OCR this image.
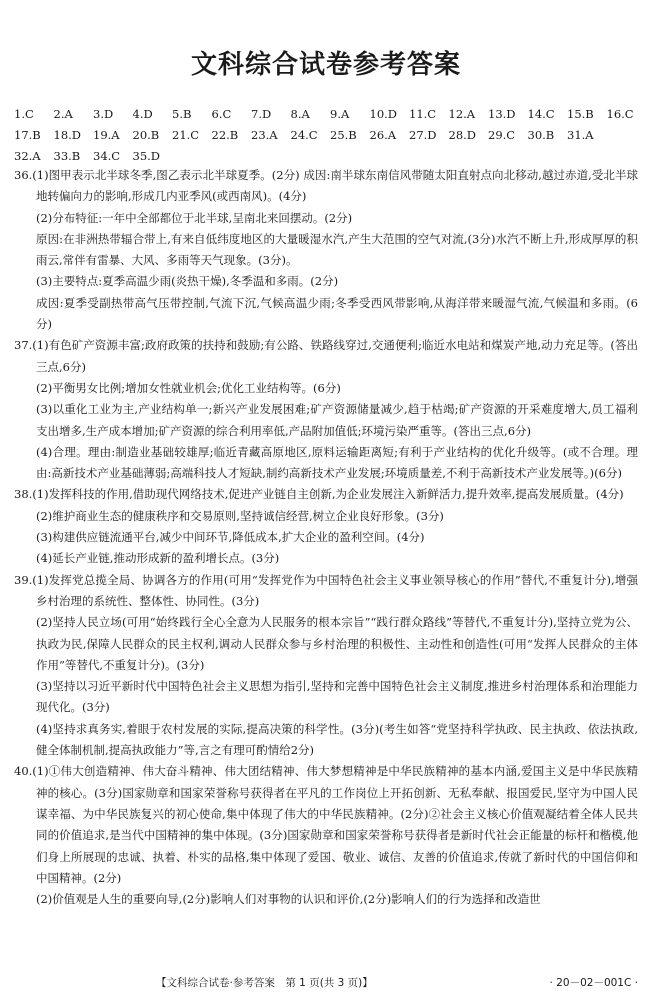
文科综合试卷参考答案
1.C 2.A 3.D 4.D 5.B 6.C 7.D 8.A 9.A 10.D 11.C 12.A 13.D 14.C 15.B 16.C
17.B 18.D 19.A 20.B 21.C 22.B 23.A 24.C 25.B 26.A 27.D 28.D 29.C 30.B 31.A
32.A 33.B 34.C 35.D

36.(1)图甲表示北半球冬季,图乙表示北半球夏季。(2分) 成因:南半球东南信风带随太阳直射点向北移动,越过赤道,受北半球地转偏向力的影响,形成几内亚季风(或西南风)。(4分)

(2)分布特征:一年中全部都位于北半球,呈南北来回摆动。(2分)

原因:在非洲热带辐合带上,有来自低纬度地区的大量暖湿水汽,产生大范围的空气对流,(3分)水汽不断上升,形成厚厚的积雨云,常伴有雷暴、大风、多雨等天气现象。(3分)。

(3)主要特点:夏季高温少雨(炎热干燥),冬季温和多雨。(2分)

成因:夏季受副热带高气压带控制,气流下沉,气候高温少雨;冬季受西风带影响,从海洋带来暖湿气流,气候温和多雨。(6分)

37.(1)有色矿产资源丰富;政府政策的扶持和鼓励;有公路、铁路线穿过,交通便利;临近水电站和煤炭产地,动力充足等。(答出三点,6分)

(2)平衡男女比例;增加女性就业机会;优化工业结构等。(6分)

(3)以重化工业为主,产业结构单一;新兴产业发展困难;矿产资源储量减少,趋于枯竭;矿产资源的开采难度增大,员工福利支出增多,生产成本增加;矿产资源的综合利用率低,产品附加值低;环境污染严重等。(答出三点,6分)

(4)合理。理由:制造业基础较雄厚;临近青藏高原地区,原料运输距离短;有利于产业结构的优化升级等。(或不合理。理由:高新技术产业基础薄弱;高端科技人才短缺,制约高新技术产业发展;环境质量差,不利于高新技术产业发展等。)(6分)

38.(1)发挥科技的作用,借助现代网络技术,促进产业链自主创新,为企业发展注入新鲜活力,提升效率,提高发展质量。(4分)

(2)维护商业生态的健康秩序和交易原则,坚持诚信经营,树立企业良好形象。(3分)

(3)构建供应链流通平台,减少中间环节,降低成本,扩大企业的盈利空间。(4分)

(4)延长产业链,推动形成新的盈利增长点。(3分)

39.(1)发挥党总揽全局、协调各方的作用(可用“发挥党作为中国特色社会主义事业领导核心的作用”替代,不重复计分),增强乡村治理的系统性、整体性、协同性。(3分)

(2)坚持人民立场(可用“始终践行全心全意为人民服务的根本宗旨”“践行群众路线”等替代,不重复计分),坚持立党为公、执政为民,保障人民群众的民主权利,调动人民群众参与乡村治理的积极性、主动性和创造性(可用“发挥人民群众的主体作用”等替代,不重复计分)。(3分)

(3)坚持以习近平新时代中国特色社会主义思想为指引,坚持和完善中国特色社会主义制度,推进乡村治理体系和治理能力现代化。(3分)

(4)坚持求真务实,着眼于农村发展的实际,提高决策的科学性。(3分)(考生如答“党坚持科学执政、民主执政、依法执政,健全体制机制,提高执政能力”等,言之有理可酌情给2分)

40.(1)①伟大创造精神、伟大奋斗精神、伟大团结精神、伟大梦想精神是中华民族精神的基本内涵,爱国主义是中华民族精神的核心。(3分)国家勋章和国家荣誉称号获得者在平凡的工作岗位上开拓创新、无私奉献、报国爱民,坚守为中国人民谋幸福、为中华民族复兴的初心使命,集中体现了伟大的中华民族精神。(2分)②社会主义核心价值观凝结着全体人民共同的价值追求,是当代中国精神的集中体现。(3分)国家勋章和国家荣誉称号获得者是新时代社会正能量的标杆和楷模,他们身上所展现的忠诚、执着、朴实的品格,集中体现了爱国、敬业、诚信、友善的价值追求,传就了新时代的中国信仰和中国精神。(2分)

(2)价值观是人生的重要向导,(2分)影响人们对事物的认识和评价,(2分)影响人们的行为选择和改造世

【文科综合试卷·参考答案　第 1 页(共 3 页)】	· 20－02－001C ·
